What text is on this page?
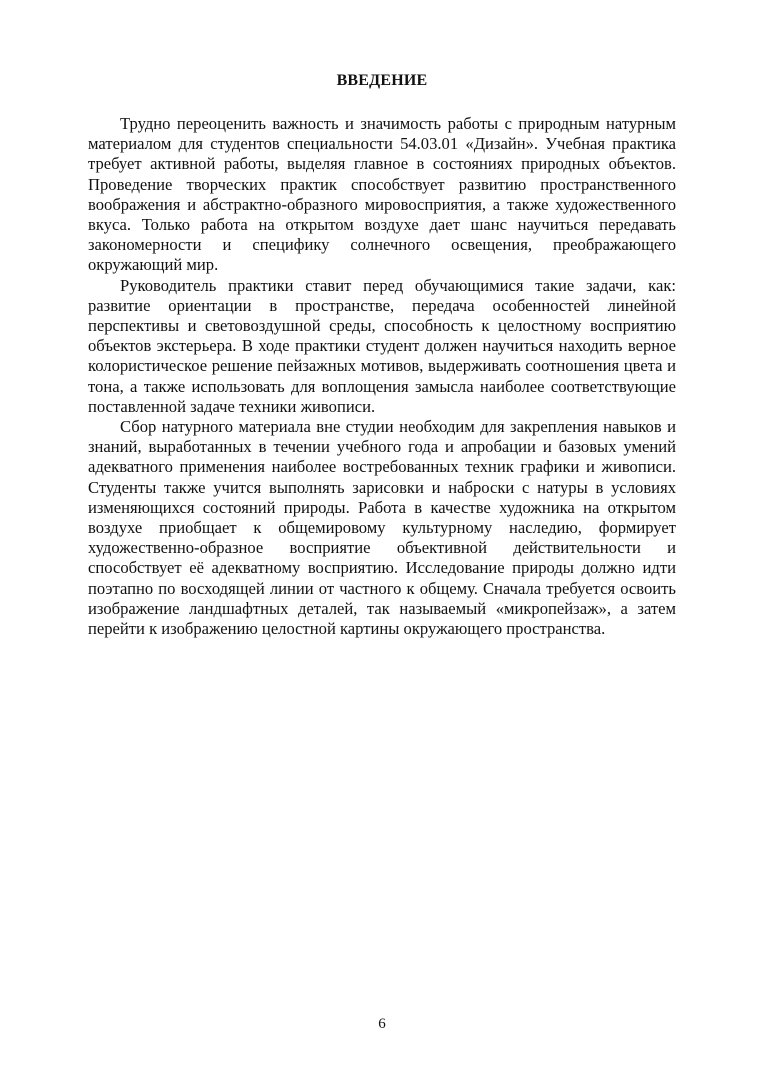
ВВЕДЕНИЕ

Трудно переоценить важность и значимость работы с природным натурным материалом для студентов специальности 54.03.01 «Дизайн». Учебная практика требует активной работы, выделяя главное в состояниях природных объектов. Проведение творческих практик способствует развитию пространственного воображения и абстрактно-образного мировосприятия, а также художественного вкуса. Только работа на открытом воздухе дает шанс научиться передавать закономерности и специфику солнечного освещения, преображающего окружающий мир.

Руководитель практики ставит перед обучающимися такие задачи, как: развитие ориентации в пространстве, передача особенностей линейной перспективы и световоздушной среды, способность к целостному восприятию объектов экстерьера. В ходе практики студент должен научиться находить верное колористическое решение пейзажных мотивов, выдерживать соотношения цвета и тона, а также использовать для воплощения замысла наиболее соответствующие поставленной задаче техники живописи.

Сбор натурного материала вне студии необходим для закрепления навыков и знаний, выработанных в течении учебного года и апробации и базовых умений адекватного применения наиболее востребованных техник графики и живописи. Студенты также учится выполнять зарисовки и наброски с натуры в условиях изменяющихся состояний природы. Работа в качестве художника на открытом воздухе приобщает к общемировому культурному наследию, формирует художественно-образное восприятие объективной действительности и способствует её адекватному восприятию. Исследование природы должно идти поэтапно по восходящей линии от частного к общему. Сначала требуется освоить изображение ландшафтных деталей, так называемый «микропейзаж», а затем перейти к изображению целостной картины окружающего пространства.

6
